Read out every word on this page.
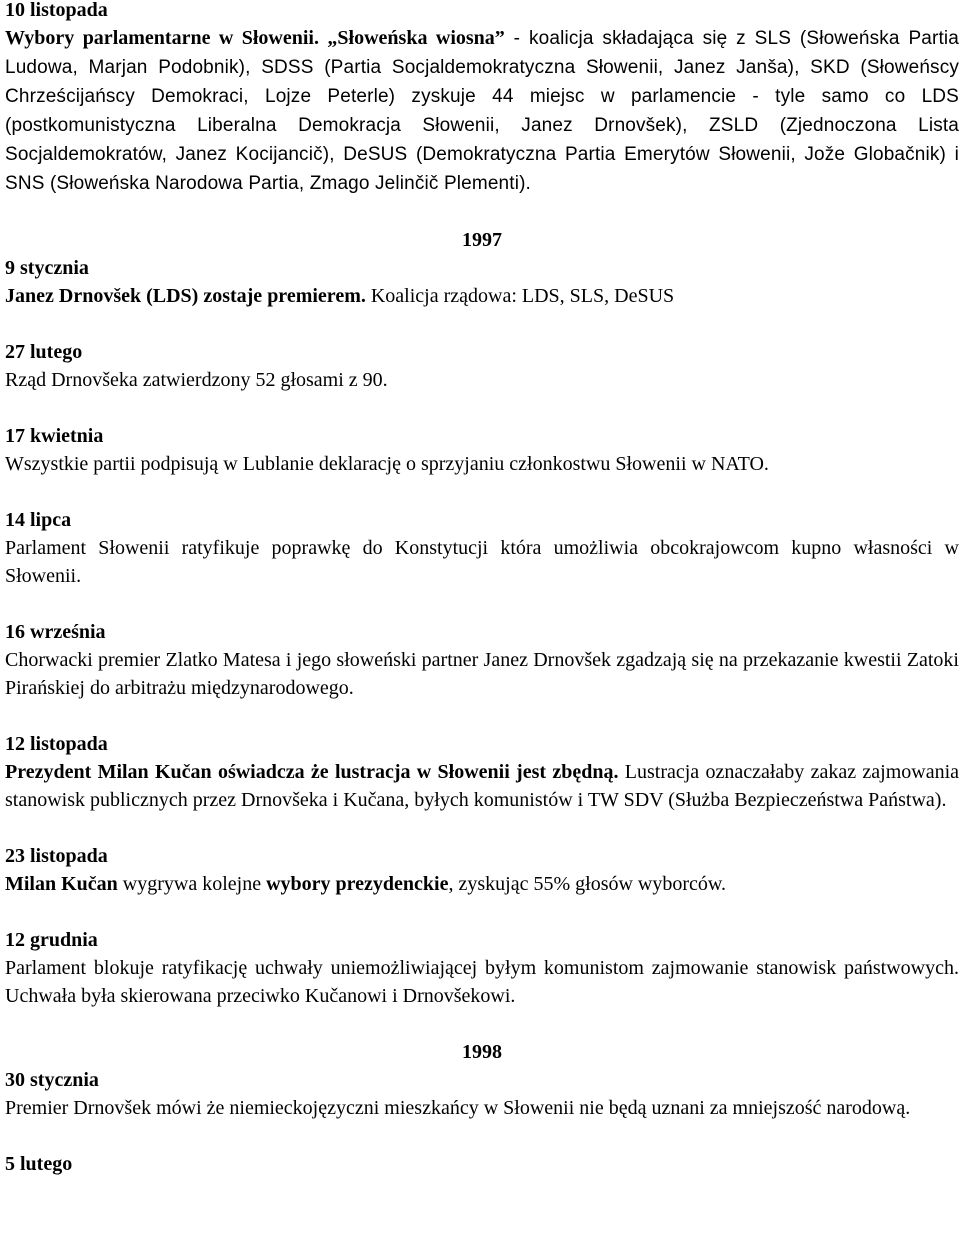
10 listopada

Wybory parlamentarne w Słowenii. „Słoweńska wiosna” - koalicja składająca się z SLS (Słoweńska Partia Ludowa, Marjan Podobnik), SDSS (Partia Socjaldemokratyczna Słowenii, Janez Janša), SKD (Słoweńscy Chrześcijańscy Demokraci, Lojze Peterle) zyskuje 44 miejsc w parlamencie - tyle samo co LDS (postkomunistyczna Liberalna Demokracja Słowenii, Janez Drnovšek), ZSLD (Zjednoczona Lista Socjaldemokratów, Janez Kocijancič), DeSUS (Demokratyczna Partia Emerytów Słowenii, Jože Globačnik) i SNS (Słoweńska Narodowa Partia, Zmago Jelinčič Plementi).

1997

9 stycznia

Janez Drnovšek (LDS) zostaje premierem. Koalicja rządowa: LDS, SLS, DeSUS

27 lutego

Rząd Drnovšeka zatwierdzony 52 głosami z 90.

17 kwietnia

Wszystkie partii podpisują w Lublanie deklarację o sprzyjaniu członkostwu Słowenii w NATO.

14 lipca

Parlament Słowenii ratyfikuje poprawkę do Konstytucji która umożliwia obcokrajowcom kupno własności w Słowenii.

16 września

Chorwacki premier Zlatko Matesa i jego słoweński partner Janez Drnovšek zgadzają się na przekazanie kwestii Zatoki Pirańskiej do arbitrażu międzynarodowego.

12 listopada

Prezydent Milan Kučan oświadcza że lustracja w Słowenii jest zbędną. Lustracja oznaczałaby zakaz zajmowania stanowisk publicznych przez Drnovšeka i Kučana, byłych komunistów i TW SDV (Służba Bezpieczeństwa Państwa).

23 listopada

Milan Kučan wygrywa kolejne wybory prezydenckie, zyskując 55% głosów wyborców.

12 grudnia

Parlament blokuje ratyfikację uchwały uniemożliwiającej byłym komunistom zajmowanie stanowisk państwowych. Uchwała była skierowana przeciwko Kučanowi i Drnovšekowi.

1998

30 stycznia

Premier Drnovšek mówi że niemieckojęzyczni mieszkańcy w Słowenii nie będą uznani za mniejszość narodową.

5 lutego
